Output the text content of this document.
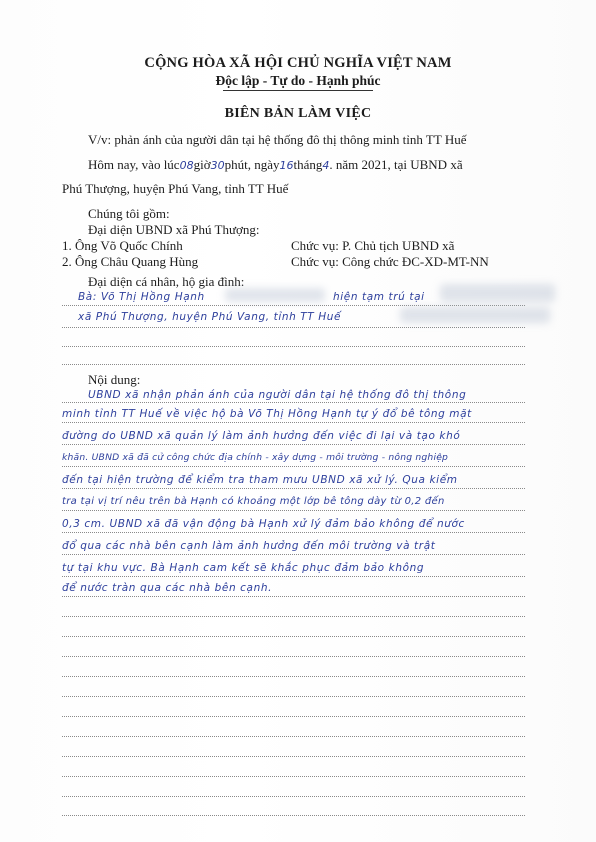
CỘNG HÒA XÃ HỘI CHỦ NGHĨA VIỆT NAM
Độc lập - Tự do - Hạnh phúc
BIÊN BẢN LÀM VIỆC
V/v: phản ánh của người dân tại hệ thống đô thị thông minh tỉnh TT Huế
Hôm nay, vào lúc08giờ30phút, ngày16tháng4. năm 2021, tại UBND xã
Phú Thượng, huyện Phú Vang, tỉnh TT Huế
Chúng tôi gồm:
Đại diện UBND xã Phú Thượng:
1. Ông Võ Quốc Chính	Chức vụ: P. Chủ tịch UBND xã
2. Ông Châu Quang Hùng	Chức vụ: Công chức ĐC-XD-MT-NN
Đại diện cá nhân, hộ gia đình:
Bà: Võ Thị Hồng Hạnh	hiện tạm trú tại
xã Phú Thượng, huyện Phú Vang, tỉnh TT Huế
Nội dung:
UBND xã nhận phản ánh của người dân tại hệ thống đô thị thông
minh tỉnh TT Huế về việc hộ bà Võ Thị Hồng Hạnh tự ý đổ bê tông mặt
đường do UBND xã quản lý làm ảnh hưởng đến việc đi lại và tạo khó
khăn. UBND xã đã cử công chức địa chính - xây dựng - môi trường - nông nghiệp
đến tại hiện trường để kiểm tra tham mưu UBND xã xử lý. Qua kiểm
tra tại vị trí nêu trên bà Hạnh có khoảng một lớp bê tông dày từ 0,2 đến
0,3 cm. UBND xã đã vận động bà Hạnh xử lý đảm bảo không để nước
đổ qua các nhà bên cạnh làm ảnh hưởng đến môi trường và trật
tự tại khu vực. Bà Hạnh cam kết sẽ khắc phục đảm bảo không
để nước tràn qua các nhà bên cạnh.
